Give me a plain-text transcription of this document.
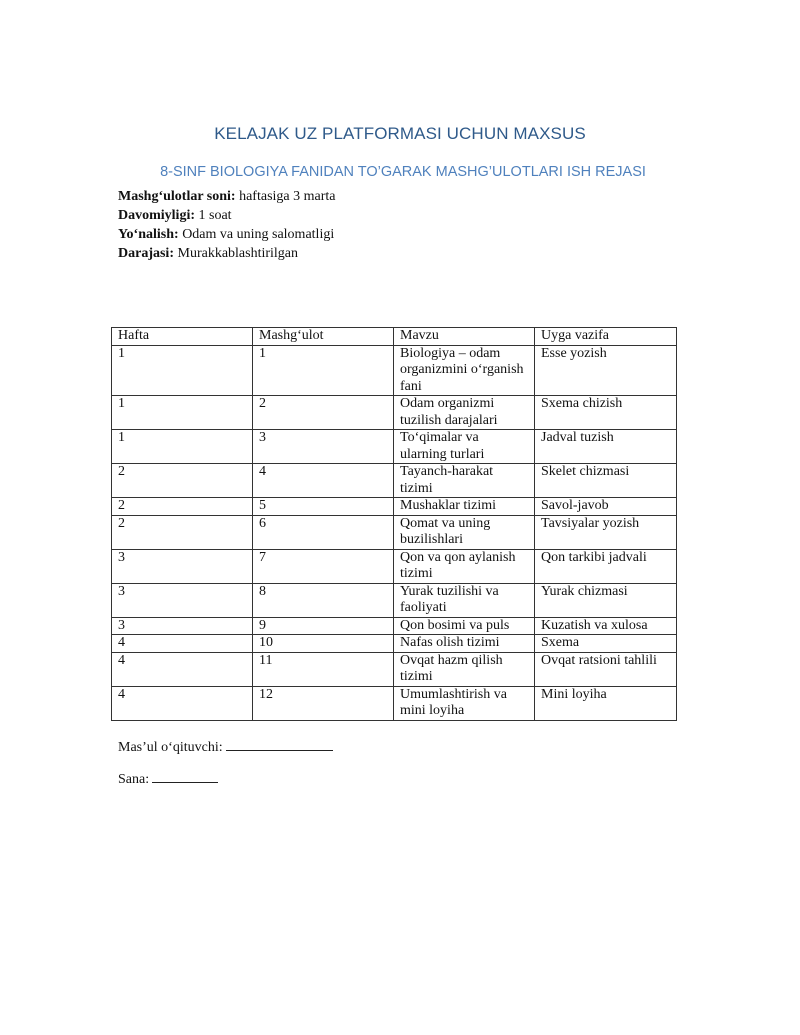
KELAJAK UZ PLATFORMASI UCHUN MAXSUS
8-SINF BIOLOGIYA FANIDAN TO’GARAK MASHG’ULOTLARI ISH REJASI
Mashg‘ulotlar soni: haftasiga 3 marta
Davomiyligi: 1 soat
Yo‘nalish: Odam va uning salomatligi
Darajasi: Murakkablashtirilgan
Hafta	Mashg‘ulot	Mavzu	Uyga vazifa
1	1	Biologiya – odam organizmini o‘rganish fani	Esse yozish
1	2	Odam organizmi tuzilish darajalari	Sxema chizish
1	3	To‘qimalar va ularning turlari	Jadval tuzish
2	4	Tayanch-harakat tizimi	Skelet chizmasi
2	5	Mushaklar tizimi	Savol-javob
2	6	Qomat va uning buzilishlari	Tavsiyalar yozish
3	7	Qon va qon aylanish tizimi	Qon tarkibi jadvali
3	8	Yurak tuzilishi va faoliyati	Yurak chizmasi
3	9	Qon bosimi va puls	Kuzatish va xulosa
4	10	Nafas olish tizimi	Sxema
4	11	Ovqat hazm qilish tizimi	Ovqat ratsioni tahlili
4	12	Umumlashtirish va mini loyiha	Mini loyiha
Mas’ul o‘qituvchi:
Sana:
